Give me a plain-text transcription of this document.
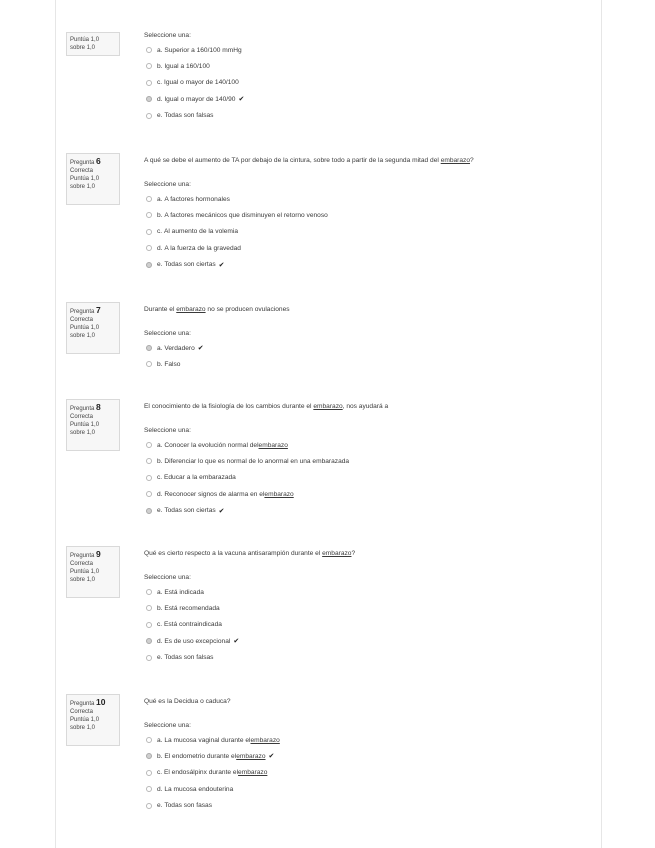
Puntúa 1,0
sobre 1,0
Seleccione una:
a.
Superior a 160/100 mmHg
b.
Igual a 160/100
c.
Igual o mayor de 140/100
d.
Igual o mayor de 140/90 ✔
e.
Todas son falsas
Pregunta 6
Correcta
Puntúa 1,0
sobre 1,0
A qué se debe el aumento de TA por debajo de la cintura, sobre todo a partir de la segunda mitad del embarazo?
Seleccione una:
a.
A factores hormonales
b.
A factores mecánicos que disminuyen el retorno venoso
c.
Al aumento de la volemia
d.
A la fuerza de la gravedad
e.
Todas son ciertas ✔
Pregunta 7
Correcta
Puntúa 1,0
sobre 1,0
Durante el embarazo no se producen ovulaciones
Seleccione una:
a.
Verdadero ✔
b.
Falso
Pregunta 8
Correcta
Puntúa 1,0
sobre 1,0
El conocimiento de la fisiología de los cambios durante el embarazo, nos ayudará a
Seleccione una:
a.
Conocer la evolución normal del embarazo
b.
Diferenciar lo que es normal de lo anormal en una embarazada
c.
Educar a la embarazada
d.
Reconocer signos de alarma en el embarazo
e.
Todas son ciertas ✔
Pregunta 9
Correcta
Puntúa 1,0
sobre 1,0
Qué es cierto respecto a la vacuna antisarampión durante el embarazo?
Seleccione una:
a.
Está indicada
b.
Está recomendada
c.
Está contraindicada
d.
Es de uso excepcional ✔
e.
Todas son falsas
Pregunta 10
Correcta
Puntúa 1,0
sobre 1,0
Qué es la Decidua o caduca?
Seleccione una:
a.
La mucosa vaginal durante el embarazo
b.
El endometrio durante el embarazo ✔
c.
El endosálpinx durante el embarazo
d.
La mucosa endouterina
e.
Todas son fasas
